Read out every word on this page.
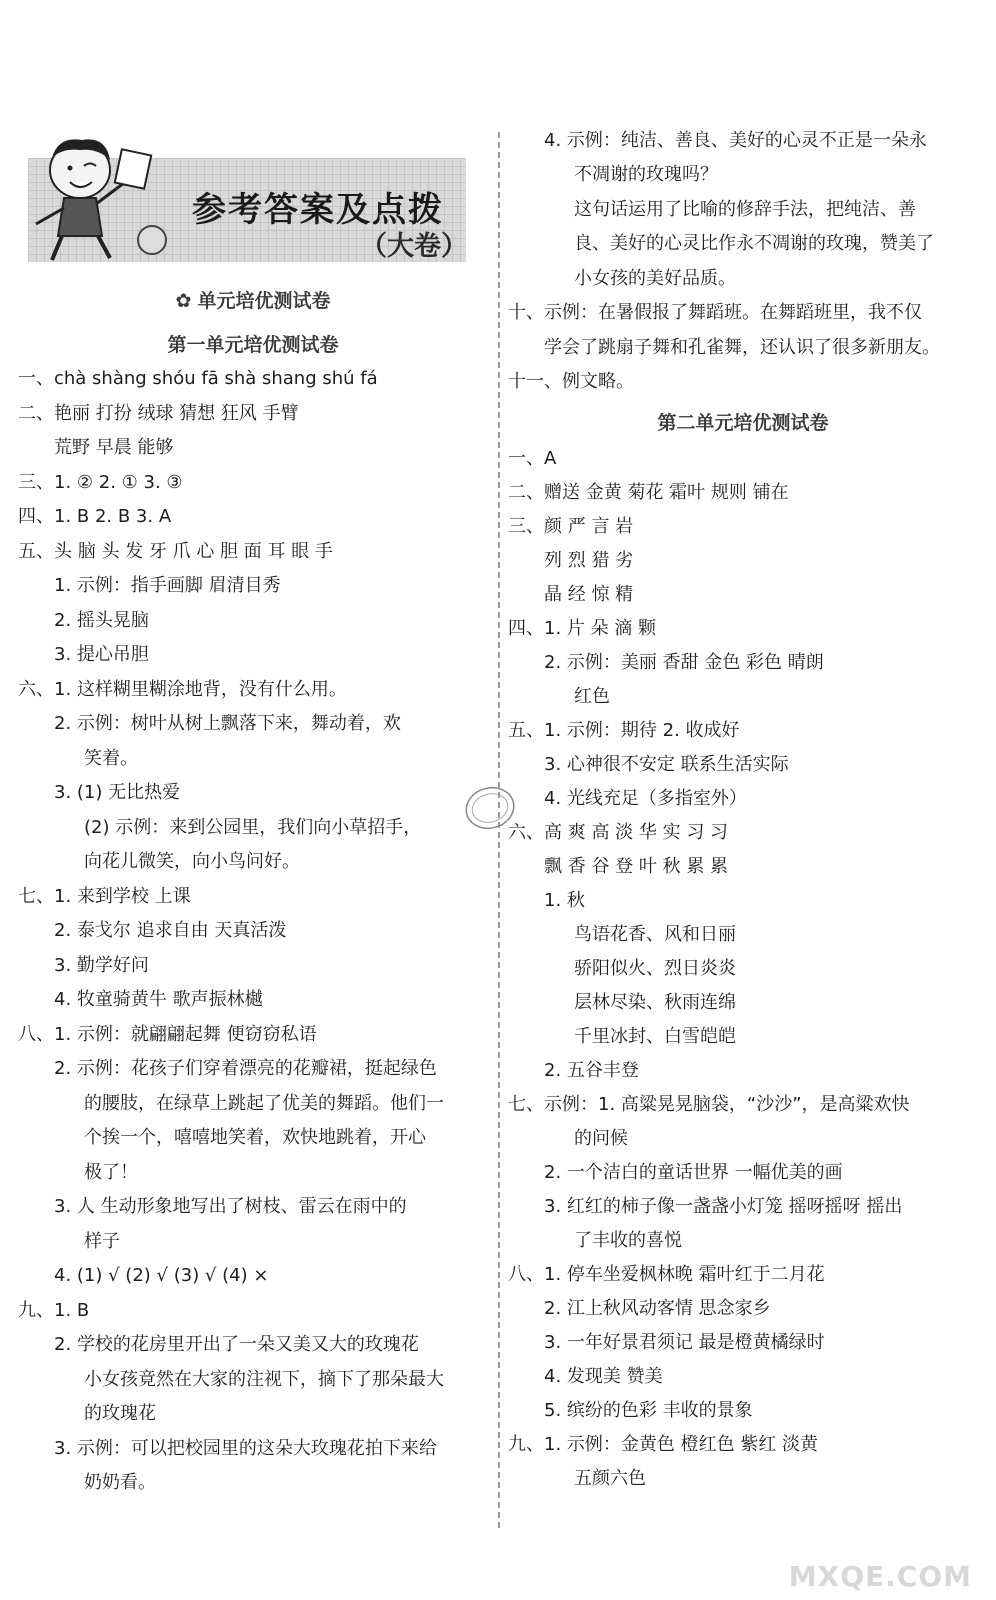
参考答案及点拨
（大卷）
✿ 单元培优测试卷
第一单元培优测试卷
一、chà shàng shóu fā shà shang shú fá
二、艳丽 打扮 绒球 猜想 狂风 手臂
荒野 早晨 能够
三、1. ② 2. ① 3. ③
四、1. B 2. B 3. A
五、头 脑 头 发 牙 爪 心 胆 面 耳 眼 手
1. 示例：指手画脚 眉清目秀
2. 摇头晃脑
3. 提心吊胆
六、1. 这样糊里糊涂地背，没有什么用。
2. 示例：树叶从树上飘落下来，舞动着，欢
笑着。
3. (1) 无比热爱
(2) 示例：来到公园里，我们向小草招手，
向花儿微笑，向小鸟问好。
七、1. 来到学校 上课
2. 泰戈尔 追求自由 天真活泼
3. 勤学好问
4. 牧童骑黄牛 歌声振林樾
八、1. 示例：就翩翩起舞 便窃窃私语
2. 示例：花孩子们穿着漂亮的花瓣裙，挺起绿色
的腰肢，在绿草上跳起了优美的舞蹈。他们一
个挨一个，嘻嘻地笑着，欢快地跳着，开心
极了！
3. 人 生动形象地写出了树枝、雷云在雨中的
样子
4. (1) √ (2) √ (3) √ (4) ×
九、1. B
2. 学校的花房里开出了一朵又美又大的玫瑰花
小女孩竟然在大家的注视下，摘下了那朵最大
的玫瑰花
3. 示例：可以把校园里的这朵大玫瑰花拍下来给
奶奶看。
4. 示例：纯洁、善良、美好的心灵不正是一朵永
不凋谢的玫瑰吗？
这句话运用了比喻的修辞手法，把纯洁、善
良、美好的心灵比作永不凋谢的玫瑰，赞美了
小女孩的美好品质。
十、示例：在暑假报了舞蹈班。在舞蹈班里，我不仅
学会了跳扇子舞和孔雀舞，还认识了很多新朋友。
十一、例文略。
第二单元培优测试卷
一、A
二、赠送 金黄 菊花 霜叶 规则 铺在
三、颜 严 言 岩
列 烈 猎 劣
晶 经 惊 精
四、1. 片 朵 滴 颗
2. 示例：美丽 香甜 金色 彩色 晴朗
红色
五、1. 示例：期待 2. 收成好
3. 心神很不安定 联系生活实际
4. 光线充足（多指室外）
六、高 爽 高 淡 华 实 习 习
飘 香 谷 登 叶 秋 累 累
1. 秋
鸟语花香、风和日丽
骄阳似火、烈日炎炎
层林尽染、秋雨连绵
千里冰封、白雪皑皑
2. 五谷丰登
七、示例：1. 高粱晃晃脑袋，“沙沙”，是高粱欢快
的问候
2. 一个洁白的童话世界 一幅优美的画
3. 红红的柿子像一盏盏小灯笼 摇呀摇呀 摇出
了丰收的喜悦
八、1. 停车坐爱枫林晚 霜叶红于二月花
2. 江上秋风动客情 思念家乡
3. 一年好景君须记 最是橙黄橘绿时
4. 发现美 赞美
5. 缤纷的色彩 丰收的景象
九、1. 示例：金黄色 橙红色 紫红 淡黄
五颜六色
MXQE.COM
